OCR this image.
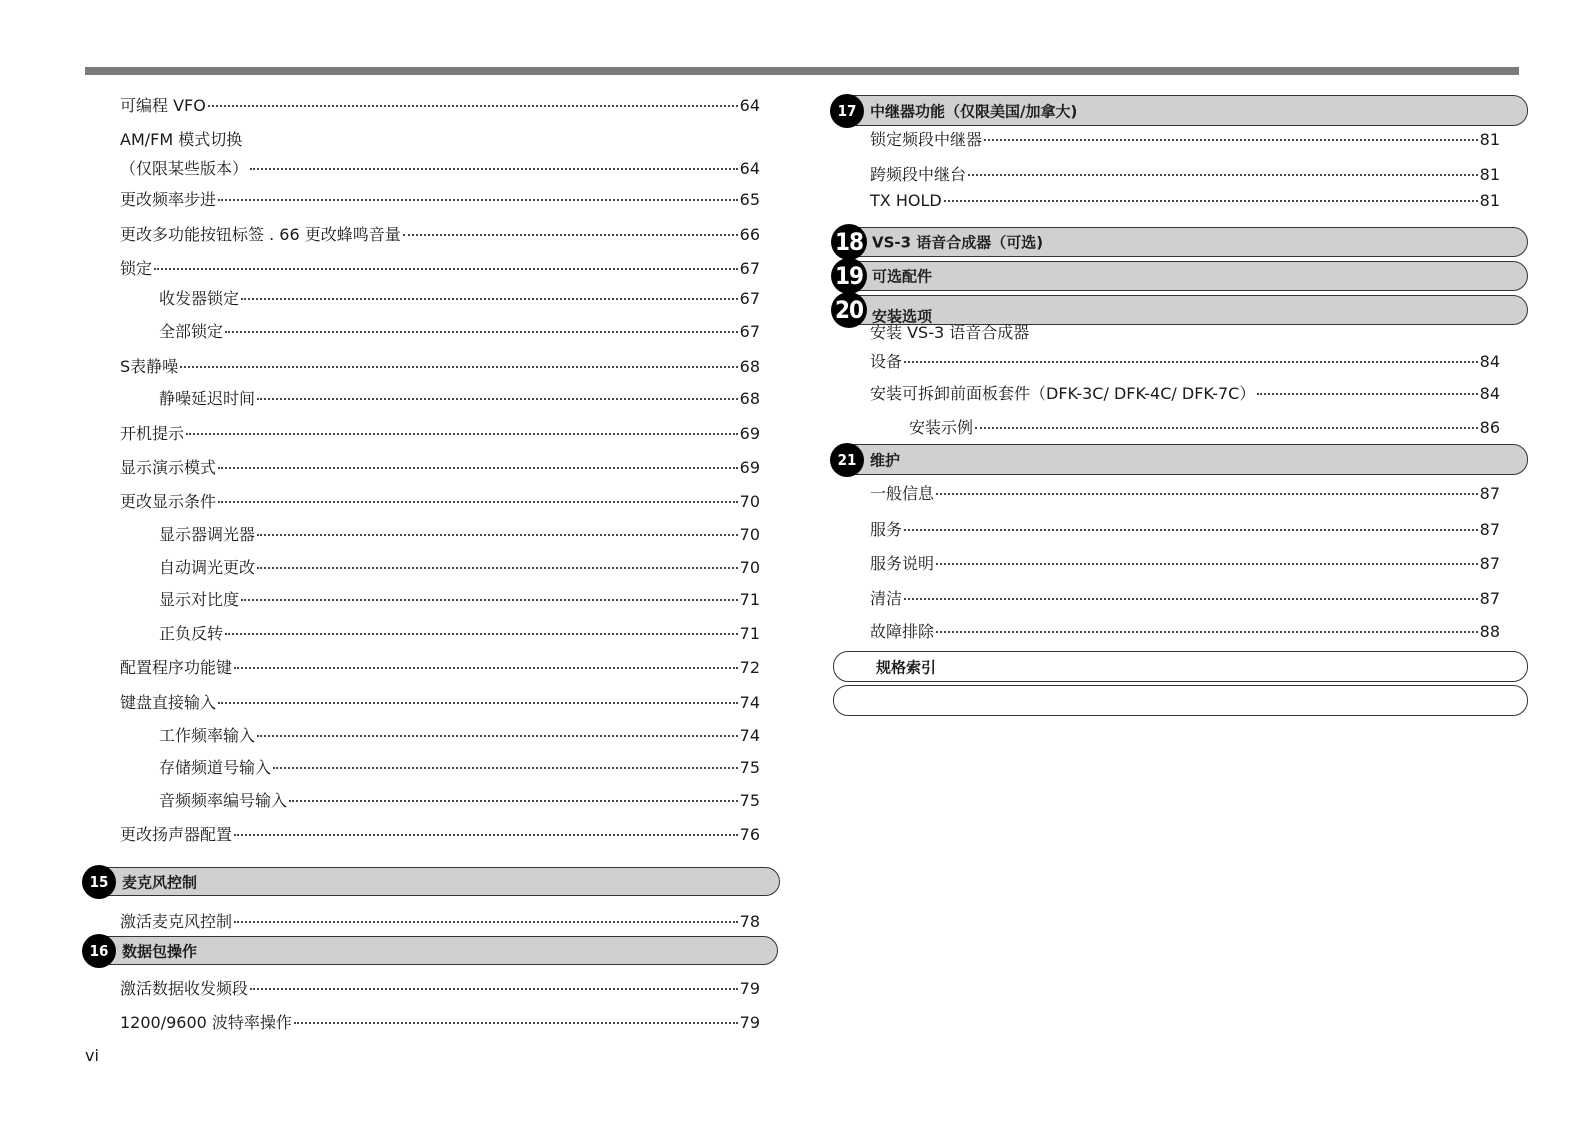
可编程 VFO	64
AM/FM 模式切换
（仅限某些版本）	64
更改频率步进	65
更改多功能按钮标签 . 66 更改蜂鸣音量	66
锁定	67
收发器锁定	67
全部锁定	67
S表静噪	68
静噪延迟时间	68
开机提示	69
显示演示模式	69
更改显示条件	70
显示器调光器	70
自动调光更改	70
显示对比度	71
正负反转	71
配置程序功能键	72
键盘直接输入	74
工作频率输入	74
存储频道号输入	75
音频频率编号输入	75
更改扬声器配置	76
15 麦克风控制
激活麦克风控制	78
16 数据包操作
激活数据收发频段	79
1200/9600 波特率操作	79
17 中继器功能（仅限美国/加拿大)
锁定频段中继器	81
跨频段中继台	81
TX HOLD	81
18 VS-3 语音合成器（可选)
19 可选配件
20 安装选项
安装 VS-3 语音合成器
设备	84
安装可拆卸前面板套件（DFK-3C/ DFK-4C/ DFK-7C）	84
安装示例	86
21 维护
一般信息	87
服务	87
服务说明	87
清洁	87
故障排除	88
规格索引
vi
